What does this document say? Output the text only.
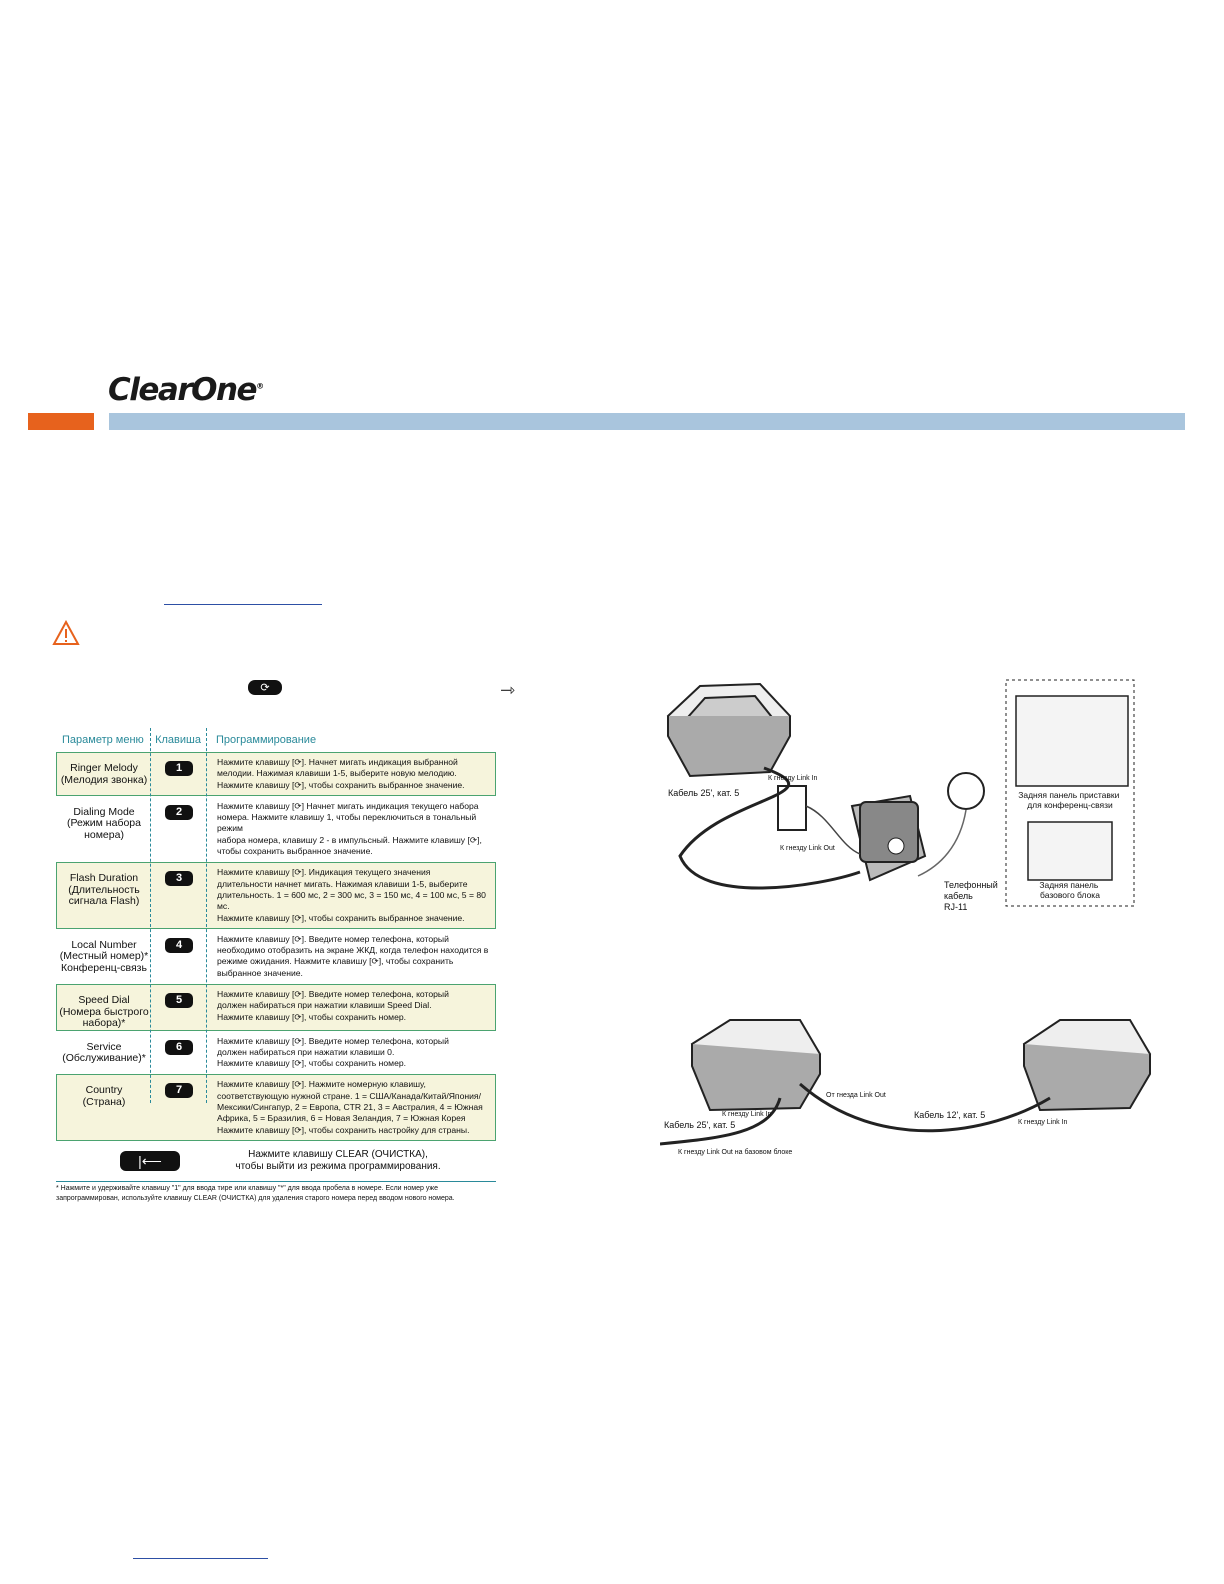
ClearOne®
⟳	⇾
Параметр меню	Клавиша	Программирование
Ringer Melody
(Мелодия звонка)
1	Нажмите клавишу [⟳]. Начнет мигать индикация выбранной
мелодии. Нажимая клавиши 1-5, выберите новую мелодию.
Нажмите клавишу [⟳], чтобы сохранить выбранное значение.
Dialing Mode
(Режим набора
номера)
2	Нажмите клавишу [⟳] Начнет мигать индикация текущего набора
номера. Нажмите клавишу 1, чтобы переключиться в тональный режим
набора номера, клавишу 2 - в импульсный. Нажмите клавишу [⟳],
чтобы сохранить выбранное значение.
Flash Duration
(Длительность
сигнала Flash)
3	Нажмите клавишу [⟳]. Индикация текущего значения
длительности начнет мигать. Нажимая клавиши 1-5, выберите
длительность. 1 = 600 мс, 2 = 300 мс, 3 = 150 мс, 4 = 100 мс, 5 = 80 мс.
Нажмите клавишу [⟳], чтобы сохранить выбранное значение.
Local Number
(Местный номер)*
Конференц-связь
4	Нажмите клавишу [⟳]. Введите номер телефона, который
необходимо отобразить на экране ЖКД, когда телефон находится в
режиме ожидания. Нажмите клавишу [⟳], чтобы сохранить
выбранное значение.
Speed Dial
(Номера быстрого
набора)*
5	Нажмите клавишу [⟳]. Введите номер телефона, который
должен набираться при нажатии клавиши Speed Dial.
Нажмите клавишу [⟳], чтобы сохранить номер.
Service
(Обслуживание)*
6	Нажмите клавишу [⟳]. Введите номер телефона, который
должен набираться при нажатии клавиши 0.
Нажмите клавишу [⟳], чтобы сохранить номер.
Country
(Страна)
7	Нажмите клавишу [⟳]. Нажмите номерную клавишу,
соответствующую нужной стране. 1 = США/Канада/Китай/Япония/
Мексики/Сингапур, 2 = Европа, CTR 21, 3 = Австралия, 4 = Южная
Африка, 5 = Бразилия, 6 = Новая Зеландия, 7 = Южная Корея
Нажмите клавишу [⟳], чтобы сохранить настройку для страны.
|⟵	Нажмите клавишу CLEAR (ОЧИСТКА),
чтобы выйти из режима программирования.
* Нажмите и удерживайте клавишу "1" для ввода тире или клавишу "*" для ввода пробела в номере. Если номер уже
запрограммирован, используйте клавишу CLEAR (ОЧИСТКА) для удаления старого номера перед вводом нового номера.
К гнезду Link In
Кабель 25', кат. 5
К гнезду Link Out
Телефонный кабель RJ-11
Задняя панель приставки для конференц-связи
Задняя панель базового блока
От гнезда Link Out
К гнезду Link In	Кабель 12', кат. 5
К гнезду Link In
Кабель 25', кат. 5
К гнезду Link Out на базовом блоке
